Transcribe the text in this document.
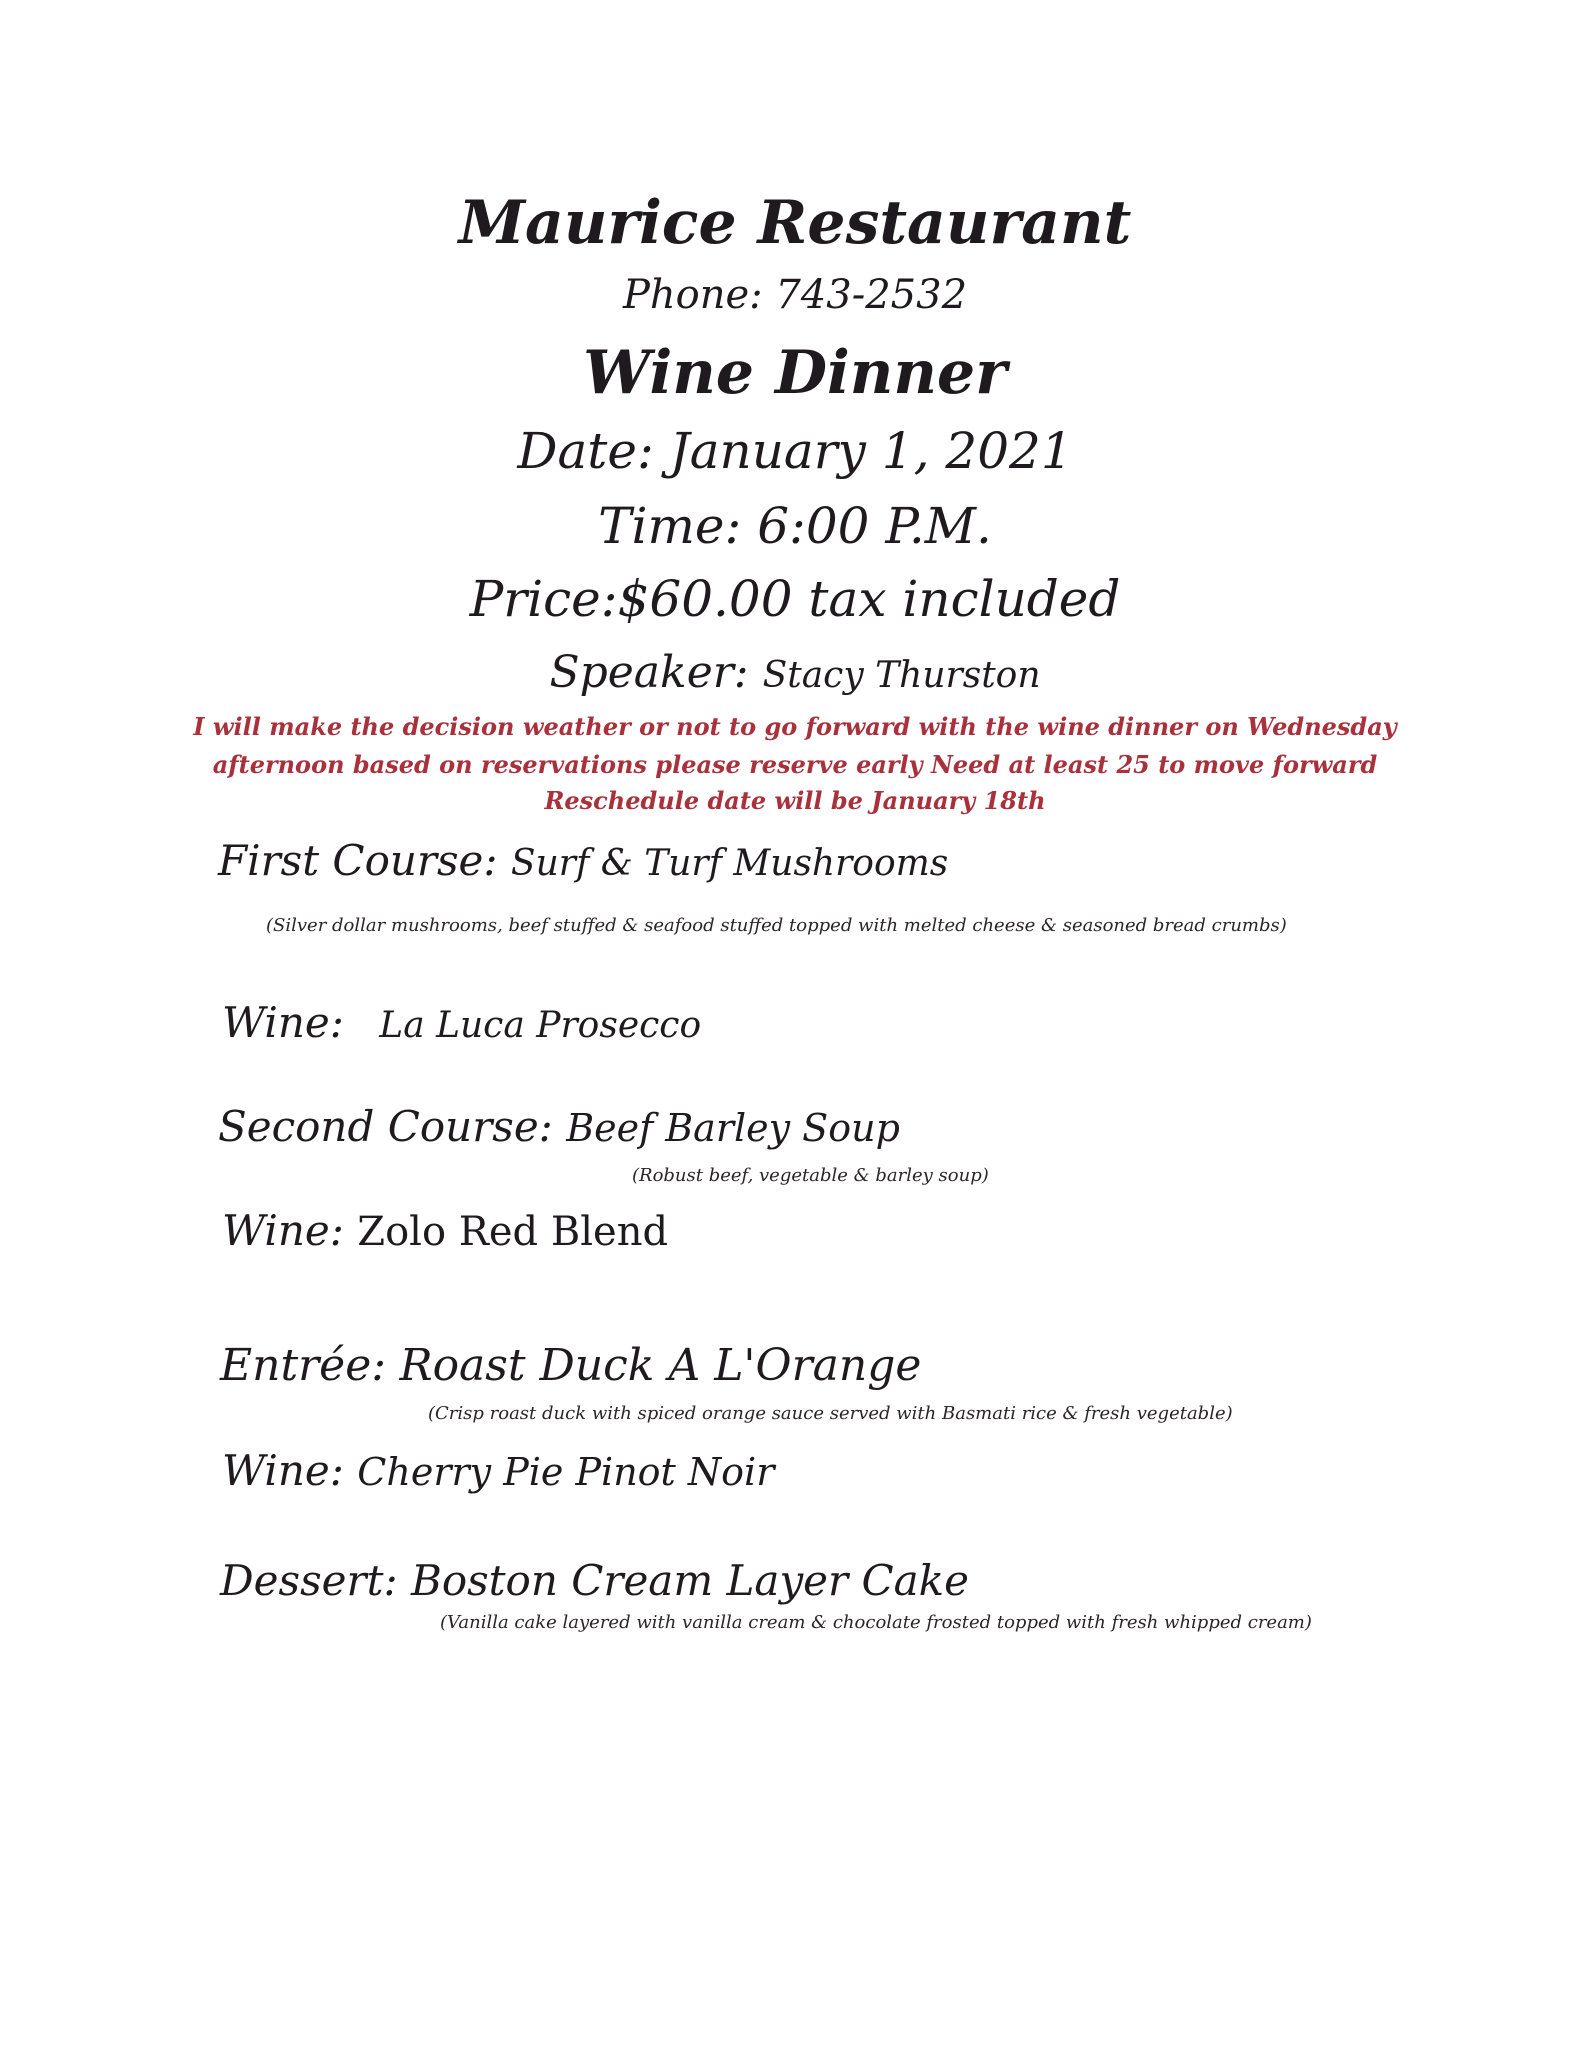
Maurice Restaurant
Phone: 743-2532
Wine Dinner
Date: January 1, 2021
Time: 6:00 P.M.
Price:$60.00 tax included
Speaker: Stacy Thurston
I will make the decision weather or not to go forward with the wine dinner on Wednesday
afternoon based on reservations please reserve early Need at least 25 to move forward
Reschedule date will be January 18th
First Course: Surf & Turf Mushrooms
(Silver dollar mushrooms, beef stuffed & seafood stuffed topped with melted cheese & seasoned bread crumbs)
Wine: La Luca Prosecco
Second Course: Beef Barley Soup
(Robust beef, vegetable & barley soup)
Wine: Zolo Red Blend
Entrée: Roast Duck A L'Orange
(Crisp roast duck with spiced orange sauce served with Basmati rice & fresh vegetable)
Wine: Cherry Pie Pinot Noir
Dessert: Boston Cream Layer Cake
(Vanilla cake layered with vanilla cream & chocolate frosted topped with fresh whipped cream)
